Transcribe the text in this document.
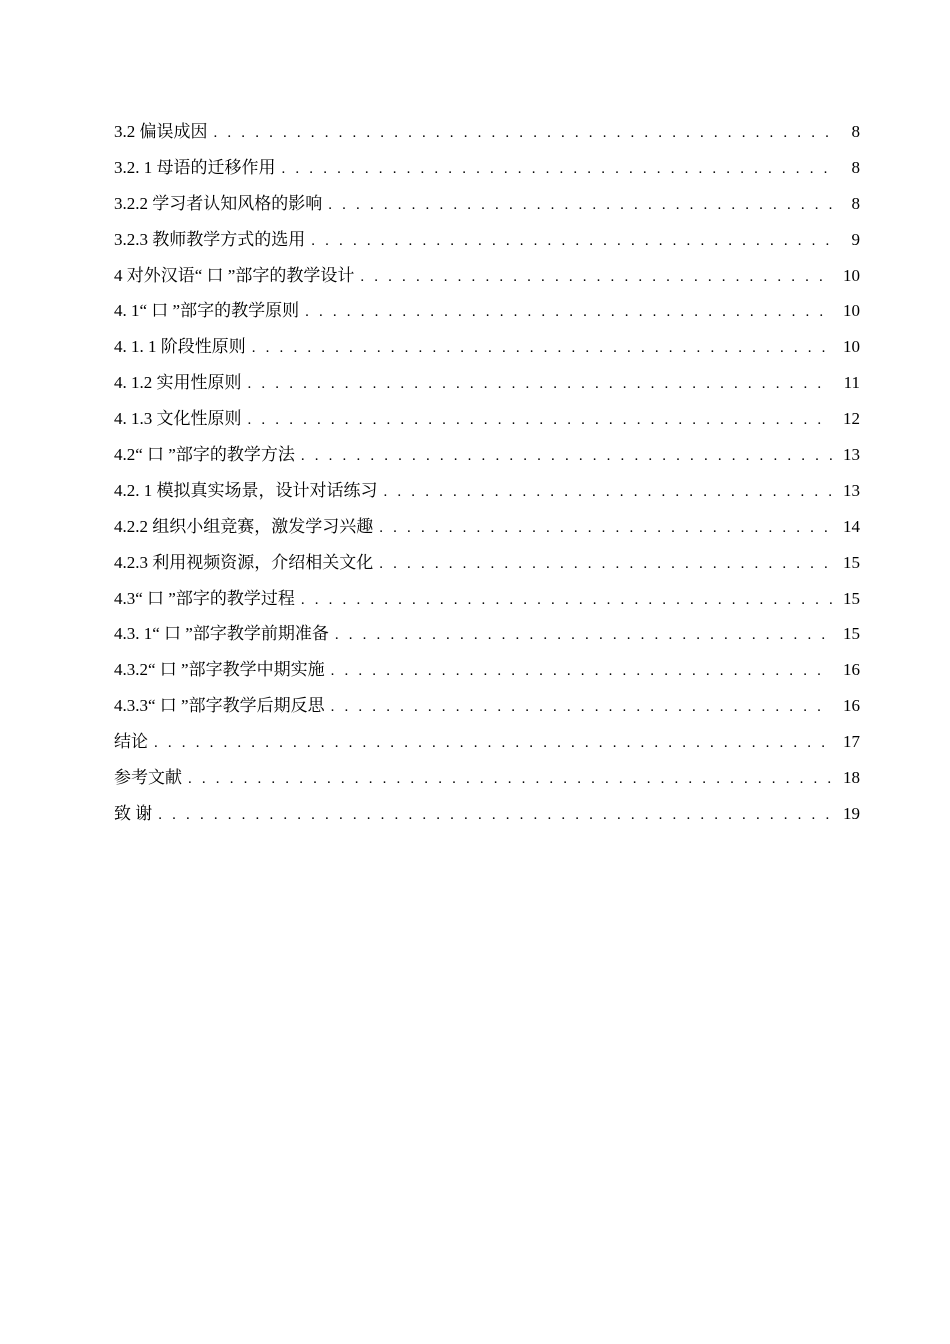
3.2 偏误成因 . . .	8
3.2. 1 母语的迁移作用 . . .	8
3.2.2 学习者认知风格的影响 . . .	8
3.2.3 教师教学方式的选用 . . .	9
4 对外汉语“ 口 ”部字的教学设计 . . .	10
4. 1“ 口 ”部字的教学原则 . . .	10
4. 1. 1 阶段性原则 . . .	10
4. 1.2 实用性原则 . . .	11
4. 1.3 文化性原则 . . .	12
4.2“ 口 ”部字的教学方法 . . .	13
4.2. 1 模拟真实场景，设计对话练习 . . .	13
4.2.2 组织小组竞赛，激发学习兴趣 . . .	14
4.2.3 利用视频资源，介绍相关文化 . . .	15
4.3“ 口 ”部字的教学过程 . . .	15
4.3. 1“ 口 ”部字教学前期准备 . . .	15
4.3.2“ 口 ”部字教学中期实施 . . .	16
4.3.3“ 口 ”部字教学后期反思 . . .	16
结论 . . .	17
参考文献 . . .	18
致 谢 . . .	19
